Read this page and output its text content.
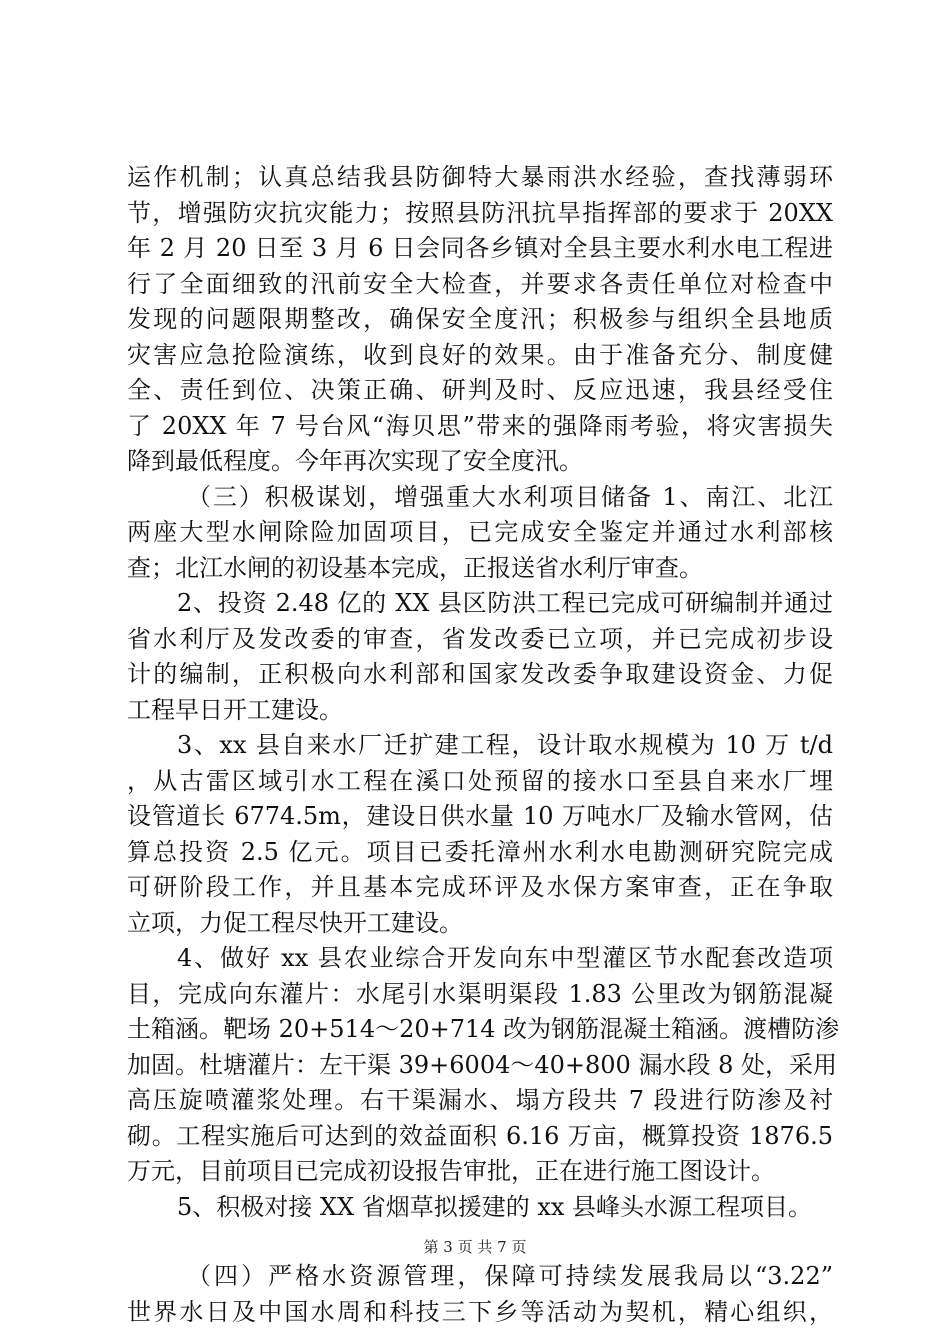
运作机制；认真总结我县防御特大暴雨洪水经验，查找薄弱环
节，增强防灾抗灾能力；按照县防汛抗旱指挥部的要求于 20XX
年 2 月 20 日至 3 月 6 日会同各乡镇对全县主要水利水电工程进
行了全面细致的汛前安全大检查，并要求各责任单位对检查中
发现的问题限期整改，确保安全度汛；积极参与组织全县地质
灾害应急抢险演练，收到良好的效果。由于准备充分、制度健
全、责任到位、决策正确、研判及时、反应迅速，我县经受住
了 20XX 年 7 号台风“海贝思”带来的强降雨考验，将灾害损失
降到最低程度。今年再次实现了安全度汛。
（三）积极谋划，增强重大水利项目储备 1、南江、北江
两座大型水闸除险加固项目，已完成安全鉴定并通过水利部核
查；北江水闸的初设基本完成，正报送省水利厅审查。
2、投资 2.48 亿的 XX 县区防洪工程已完成可研编制并通过
省水利厅及发改委的审查，省发改委已立项，并已完成初步设
计的编制，正积极向水利部和国家发改委争取建设资金、力促
工程早日开工建设。
3、xx 县自来水厂迁扩建工程，设计取水规模为 10 万 t/d
，从古雷区域引水工程在溪口处预留的接水口至县自来水厂埋
设管道长 6774.5m，建设日供水量 10 万吨水厂及输水管网，估
算总投资 2.5 亿元。项目已委托漳州水利水电勘测研究院完成
可研阶段工作，并且基本完成环评及水保方案审查，正在争取
立项，力促工程尽快开工建设。
4、做好 xx 县农业综合开发向东中型灌区节水配套改造项
目，完成向东灌片：水尾引水渠明渠段 1.83 公里改为钢筋混凝
土箱涵。靶场 20+514～20+714 改为钢筋混凝土箱涵。渡槽防渗
加固。杜塘灌片：左干渠 39+6004～40+800 漏水段 8 处，采用
高压旋喷灌浆处理。右干渠漏水、塌方段共 7 段进行防渗及衬
砌。工程实施后可达到的效益面积 6.16 万亩，概算投资 1876.5
万元，目前项目已完成初设报告审批，正在进行施工图设计。
5、积极对接 XX 省烟草拟援建的 xx 县峰头水源工程项目。
（四）严格水资源管理，保障可持续发展我局以“3.22”
世界水日及中国水周和科技三下乡等活动为契机，精心组织，
第 3 页 共 7 页
